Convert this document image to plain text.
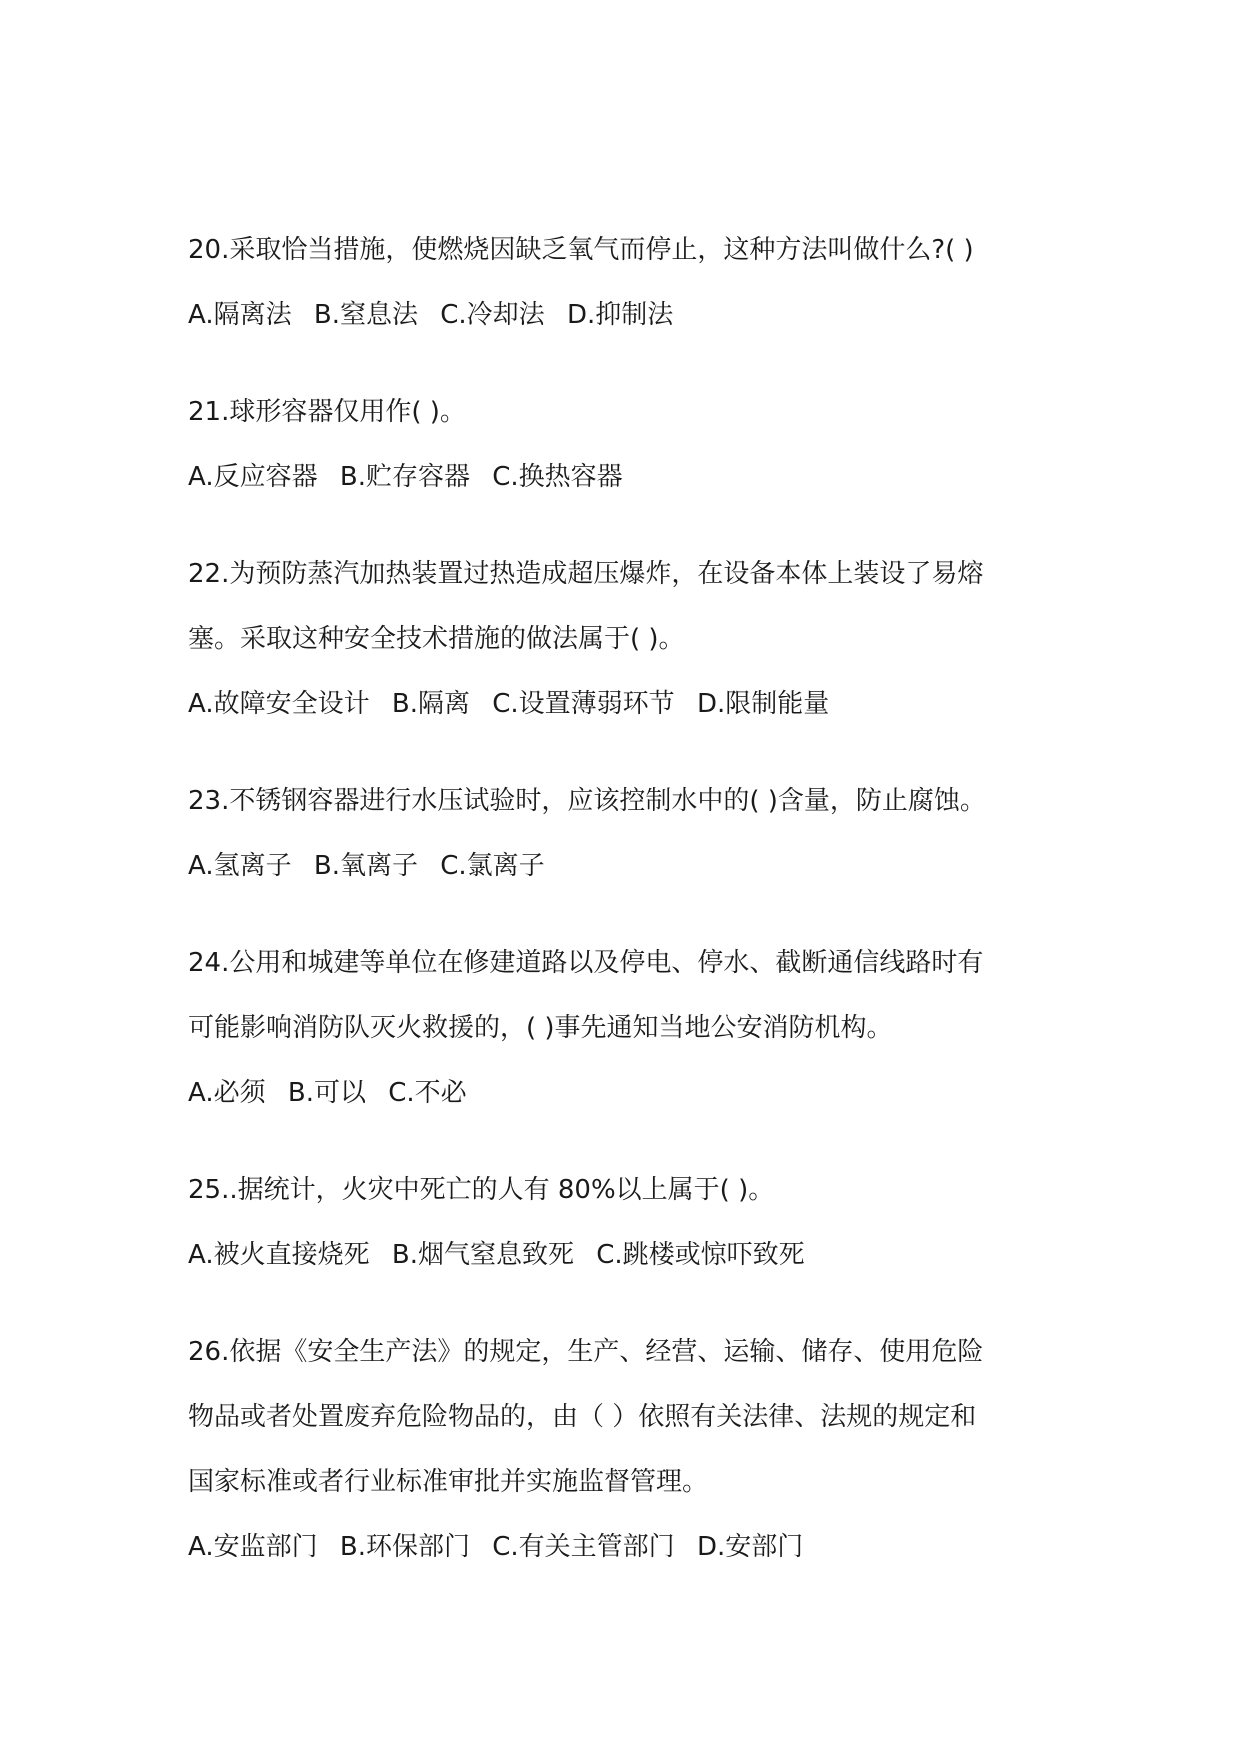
20.采取恰当措施，使燃烧因缺乏氧气而停止，这种方法叫做什么?( )
A.隔离法 B.窒息法 C.冷却法 D.抑制法
21.球形容器仅用作( )。
A.反应容器 B.贮存容器 C.换热容器
22.为预防蒸汽加热装置过热造成超压爆炸，在设备本体上装设了易熔
塞。采取这种安全技术措施的做法属于( )。
A.故障安全设计 B.隔离 C.设置薄弱环节 D.限制能量
23.不锈钢容器进行水压试验时，应该控制水中的( )含量，防止腐蚀。
A.氢离子 B.氧离子 C.氯离子
24.公用和城建等单位在修建道路以及停电、停水、截断通信线路时有
可能影响消防队灭火救援的，( )事先通知当地公安消防机构。
A.必须 B.可以 C.不必
25..据统计，火灾中死亡的人有 80%以上属于( )。
A.被火直接烧死 B.烟气窒息致死 C.跳楼或惊吓致死
26.依据《安全生产法》的规定，生产、经营、运输、储存、使用危险
物品或者处置废弃危险物品的，由（ ）依照有关法律、法规的规定和
国家标准或者行业标准审批并实施监督管理。
A.安监部门 B.环保部门 C.有关主管部门 D.安部门
